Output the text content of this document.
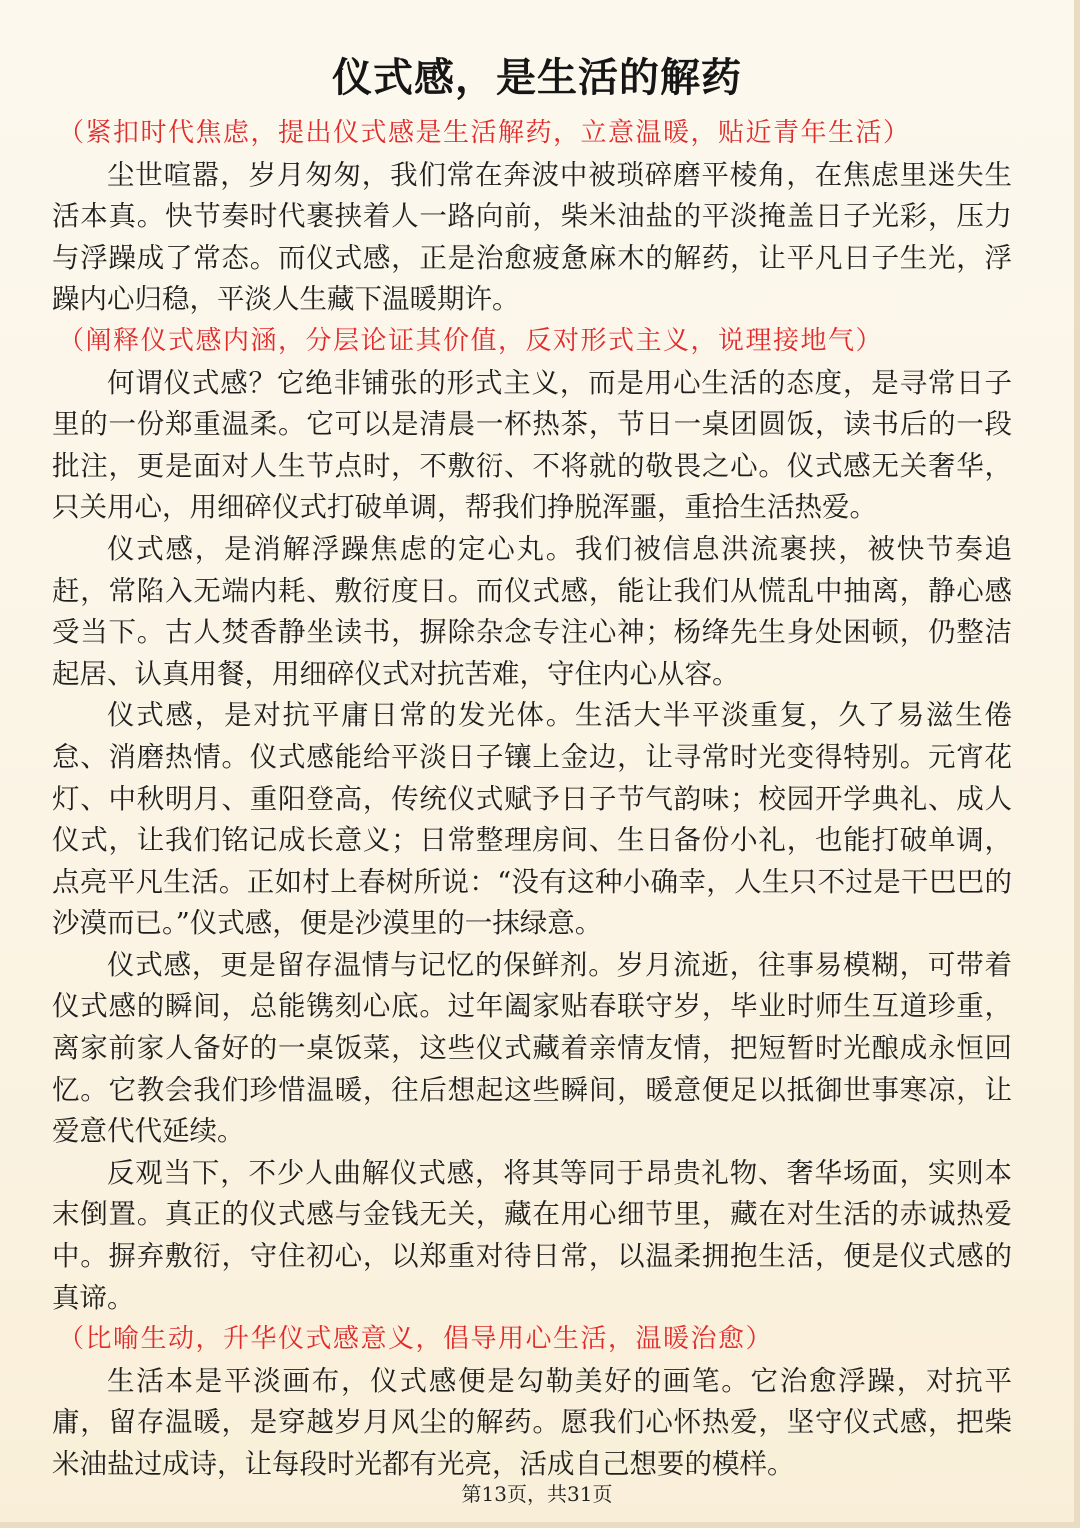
仪式感，是生活的解药

（紧扣时代焦虑，提出仪式感是生活解药，立意温暖，贴近青年生活）

尘世喧嚣，岁月匆匆，我们常在奔波中被琐碎磨平棱角，在焦虑里迷失生活本真。快节奏时代裹挟着人一路向前，柴米油盐的平淡掩盖日子光彩，压力与浮躁成了常态。而仪式感，正是治愈疲惫麻木的解药，让平凡日子生光，浮躁内心归稳，平淡人生藏下温暖期许。

（阐释仪式感内涵，分层论证其价值，反对形式主义，说理接地气）

何谓仪式感？它绝非铺张的形式主义，而是用心生活的态度，是寻常日子里的一份郑重温柔。它可以是清晨一杯热茶，节日一桌团圆饭，读书后的一段批注，更是面对人生节点时，不敷衍、不将就的敬畏之心。仪式感无关奢华，只关用心，用细碎仪式打破单调，帮我们挣脱浑噩，重拾生活热爱。

仪式感，是消解浮躁焦虑的定心丸。我们被信息洪流裹挟，被快节奏追赶，常陷入无端内耗、敷衍度日。而仪式感，能让我们从慌乱中抽离，静心感受当下。古人焚香静坐读书，摒除杂念专注心神；杨绛先生身处困顿，仍整洁起居、认真用餐，用细碎仪式对抗苦难，守住内心从容。

仪式感，是对抗平庸日常的发光体。生活大半平淡重复，久了易滋生倦怠、消磨热情。仪式感能给平淡日子镶上金边，让寻常时光变得特别。元宵花灯、中秋明月、重阳登高，传统仪式赋予日子节气韵味；校园开学典礼、成人仪式，让我们铭记成长意义；日常整理房间、生日备份小礼，也能打破单调，点亮平凡生活。正如村上春树所说：“没有这种小确幸，人生只不过是干巴巴的沙漠而已。”仪式感，便是沙漠里的一抹绿意。

仪式感，更是留存温情与记忆的保鲜剂。岁月流逝，往事易模糊，可带着仪式感的瞬间，总能镌刻心底。过年阖家贴春联守岁，毕业时师生互道珍重，离家前家人备好的一桌饭菜，这些仪式藏着亲情友情，把短暂时光酿成永恒回忆。它教会我们珍惜温暖，往后想起这些瞬间，暖意便足以抵御世事寒凉，让爱意代代延续。

反观当下，不少人曲解仪式感，将其等同于昂贵礼物、奢华场面，实则本末倒置。真正的仪式感与金钱无关，藏在用心细节里，藏在对生活的赤诚热爱中。摒弃敷衍，守住初心，以郑重对待日常，以温柔拥抱生活，便是仪式感的真谛。

（比喻生动，升华仪式感意义，倡导用心生活，温暖治愈）

生活本是平淡画布，仪式感便是勾勒美好的画笔。它治愈浮躁，对抗平庸，留存温暖，是穿越岁月风尘的解药。愿我们心怀热爱，坚守仪式感，把柴米油盐过成诗，让每段时光都有光亮，活成自己想要的模样。

第13页，共31页
